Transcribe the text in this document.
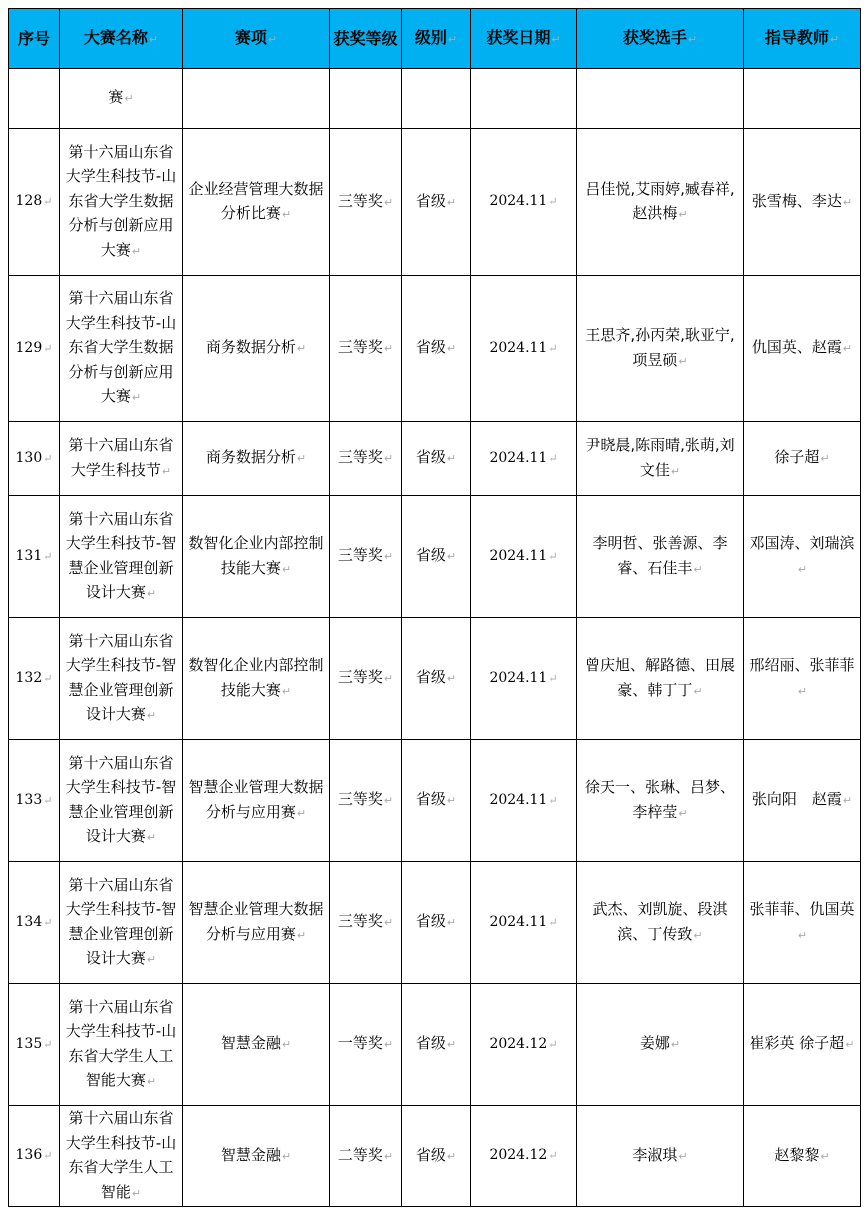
序号	大赛名称↵	赛项↵	获奖等级	级别↵	获奖日期↵	获奖选手↵	指导教师↵
	赛↵						
128↵	第十六届山东省大学生科技节-山东省大学生数据分析与创新应用大赛↵	企业经营管理大数据分析比赛↵	三等奖↵	省级↵	2024.11↵	吕佳悦,艾雨婷,臧春祥,赵洪梅↵	张雪梅、李达↵
129↵	第十六届山东省大学生科技节-山东省大学生数据分析与创新应用大赛↵	商务数据分析↵	三等奖↵	省级↵	2024.11↵	王思齐,孙丙荣,耿亚宁,项昱硕↵	仇国英、赵霞↵
130↵	第十六届山东省大学生科技节↵	商务数据分析↵	三等奖↵	省级↵	2024.11↵	尹晓晨,陈雨晴,张萌,刘文佳↵	徐子超↵
131↵	第十六届山东省大学生科技节-智慧企业管理创新设计大赛↵	数智化企业内部控制技能大赛↵	三等奖↵	省级↵	2024.11↵	李明哲、张善源、李睿、石佳丰↵	邓国涛、刘瑞滨↵
132↵	第十六届山东省大学生科技节-智慧企业管理创新设计大赛↵	数智化企业内部控制技能大赛↵	三等奖↵	省级↵	2024.11↵	曾庆旭、解路德、田展豪、韩丁丁↵	邢绍丽、张菲菲↵
133↵	第十六届山东省大学生科技节-智慧企业管理创新设计大赛↵	智慧企业管理大数据分析与应用赛↵	三等奖↵	省级↵	2024.11↵	徐天一、张琳、吕梦、李梓莹↵	张向阳　赵霞↵
134↵	第十六届山东省大学生科技节-智慧企业管理创新设计大赛↵	智慧企业管理大数据分析与应用赛↵	三等奖↵	省级↵	2024.11↵	武杰、刘凯旋、段淇滨、丁传致↵	张菲菲、仇国英↵
135↵	第十六届山东省大学生科技节-山东省大学生人工智能大赛↵	智慧金融↵	一等奖↵	省级↵	2024.12↵	姜娜↵	崔彩英 徐子超↵
136↵	第十六届山东省大学生科技节-山东省大学生人工智能↵	智慧金融↵	二等奖↵	省级↵	2024.12↵	李淑琪↵	赵黎黎↵
